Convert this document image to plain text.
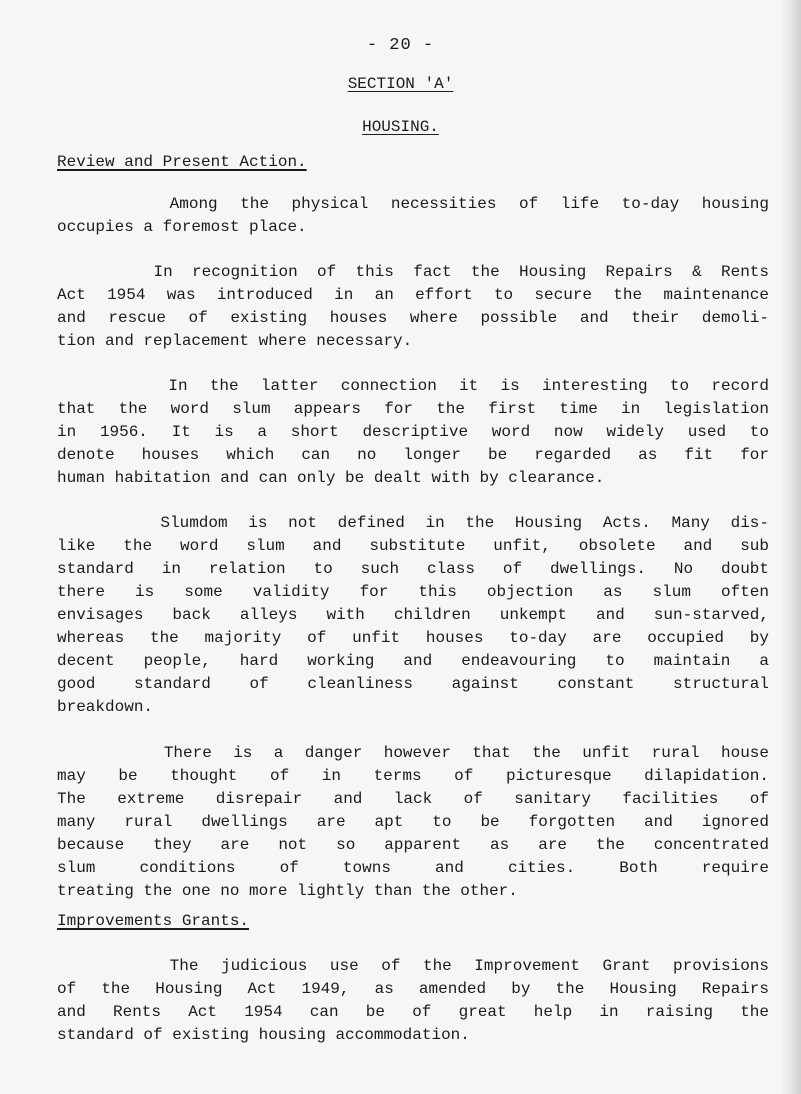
- 20 -
SECTION 'A'
HOUSING.
Review and Present Action.

Among the physical necessities of life to-day housing
occupies a foremost place.

In recognition of this fact the Housing Repairs & Rents
Act 1954 was introduced in an effort to secure the maintenance
and rescue of existing houses where possible and their demoli-
tion and replacement where necessary.

In the latter connection it is interesting to record
that the word slum appears for the first time in legislation
in 1956. It is a short descriptive word now widely used to
denote houses which can no longer be regarded as fit for
human habitation and can only be dealt with by clearance.

Slumdom is not defined in the Housing Acts. Many dis-
like the word slum and substitute unfit, obsolete and sub
standard in relation to such class of dwellings. No doubt
there is some validity for this objection as slum often
envisages back alleys with children unkempt and sun-starved,
whereas the majority of unfit houses to-day are occupied by
decent people, hard working and endeavouring to maintain a
good standard of cleanliness against constant structural
breakdown.

There is a danger however that the unfit rural house
may be thought of in terms of picturesque dilapidation.
The extreme disrepair and lack of sanitary facilities of
many rural dwellings are apt to be forgotten and ignored
because they are not so apparent as are the concentrated
slum conditions of towns and cities. Both require
treating the one no more lightly than the other.

Improvements Grants.

The judicious use of the Improvement Grant provisions
of the Housing Act 1949, as amended by the Housing Repairs
and Rents Act 1954 can be of great help in raising the
standard of existing housing accommodation.
